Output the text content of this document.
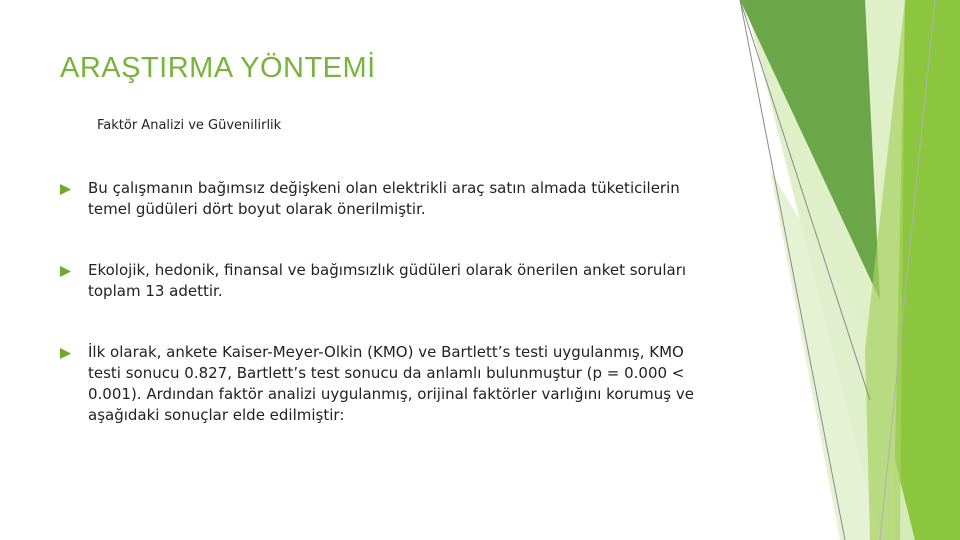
ARAŞTIRMA YÖNTEMİ
Faktör Analizi ve Güvenilirlik
Bu çalışmanın bağımsız değişkeni olan elektrikli araç satın almada tüketicilerin temel güdüleri dört boyut olarak önerilmiştir.
Ekolojik, hedonik, finansal ve bağımsızlık güdüleri olarak önerilen anket soruları toplam 13 adettir.
İlk olarak, ankete Kaiser-Meyer-Olkin (KMO) ve Bartlett’s testi uygulanmış, KMO testi sonucu 0.827, Bartlett’s test sonucu da anlamlı bulunmuştur (p = 0.000 < 0.001). Ardından faktör analizi uygulanmış, orijinal faktörler varlığını korumuş ve aşağıdaki sonuçlar elde edilmiştir:
